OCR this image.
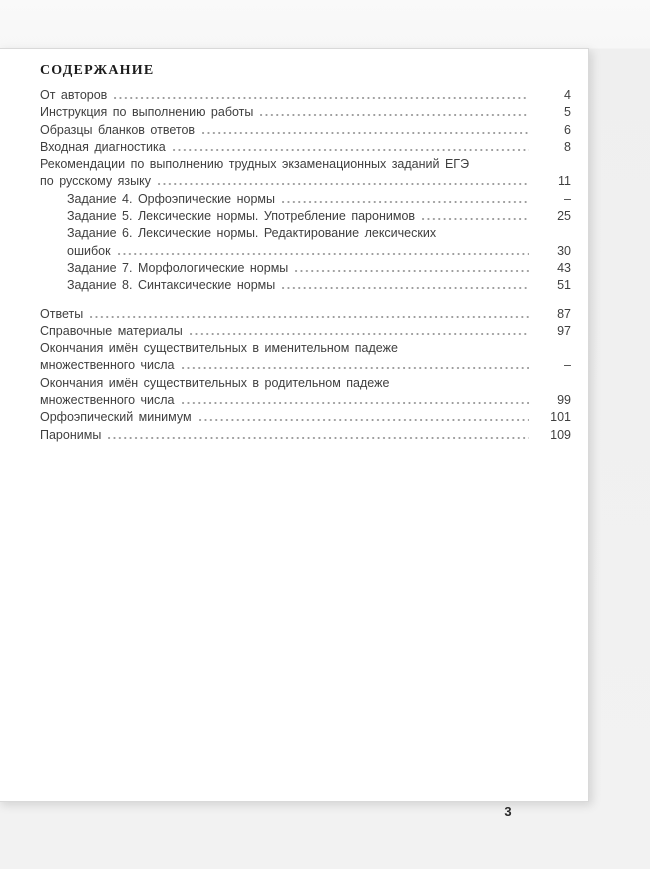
СОДЕРЖАНИЕ
От авторов	4
Инструкция по выполнению работы	5
Образцы бланков ответов	6
Входная диагностика	8
Рекомендации по выполнению трудных экзаменационных заданий ЕГЭ
по русскому языку	11
Задание 4. Орфоэпические нормы	–
Задание 5. Лексические нормы. Употребление паронимов	25
Задание 6. Лексические нормы. Редактирование лексических
ошибок	30
Задание 7. Морфологические нормы	43
Задание 8. Синтаксические нормы	51
Ответы	87
Справочные материалы	97
Окончания имён существительных в именительном падеже
множественного числа	–
Окончания имён существительных в родительном падеже
множественного числа	99
Орфоэпический минимум	101
Паронимы	109
3
